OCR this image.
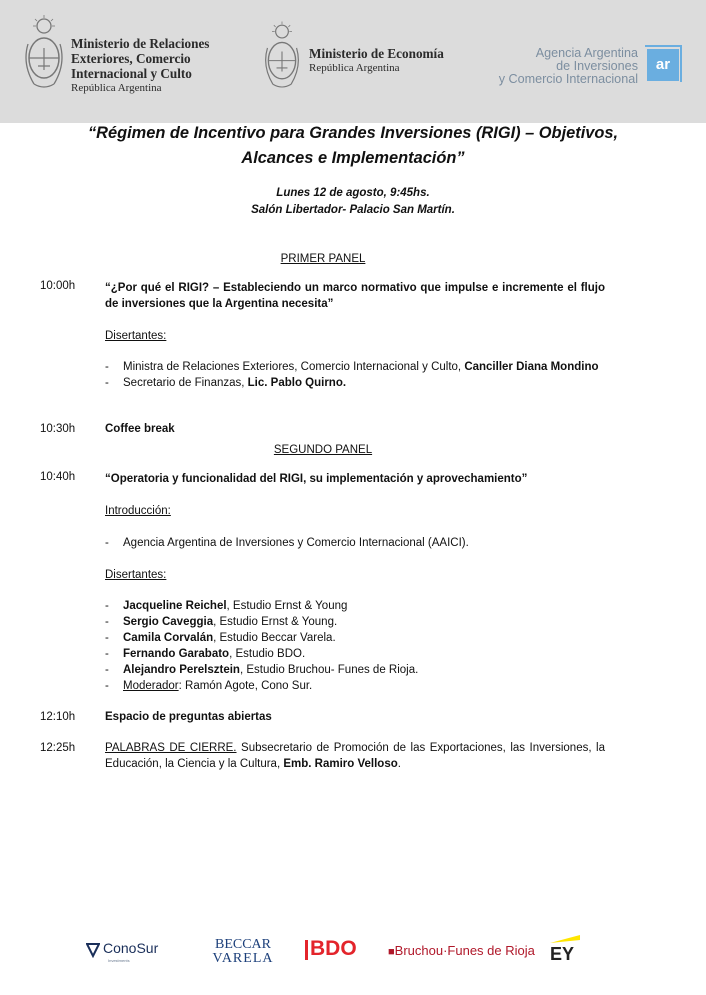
Ministerio de Relaciones
Exteriores, Comercio
Internacional y Culto
República Argentina
Ministerio de Economía
República Argentina
Agencia Argentina
de Inversiones
y Comercio Internacional
ar
“Régimen de Incentivo para Grandes Inversiones (RIGI) – Objetivos,
Alcances e Implementación”
Lunes 12 de agosto, 9:45hs.
Salón Libertador- Palacio San Martín.
PRIMER PANEL
10:00h	“¿Por qué el RIGI? – Estableciendo un marco normativo que impulse e incremente el flujo de inversiones que la Argentina necesita”
Disertantes:
- Ministra de Relaciones Exteriores, Comercio Internacional y Culto, Canciller Diana Mondino
- Secretario de Finanzas, Lic. Pablo Quirno.
10:30h	Coffee break
SEGUNDO PANEL
10:40h	“Operatoria y funcionalidad del RIGI, su implementación y aprovechamiento”
Introducción:
- Agencia Argentina de Inversiones y Comercio Internacional (AAICI).
Disertantes:
- Jacqueline Reichel, Estudio Ernst & Young
- Sergio Caveggia, Estudio Ernst & Young.
- Camila Corvalán, Estudio Beccar Varela.
- Fernando Garabato, Estudio BDO.
- Alejandro Perelsztein, Estudio Bruchou- Funes de Rioja.
- Moderador: Ramón Agote, Cono Sur.
12:10h	Espacio de preguntas abiertas
12:25h	PALABRAS DE CIERRE. Subsecretario de Promoción de las Exportaciones, las Inversiones, la Educación, la Ciencia y la Cultura, Emb. Ramiro Velloso.
ConoSur
Investments
BECCAR
VARELA BDO	■Bruchou·Funes de Rioja EY
